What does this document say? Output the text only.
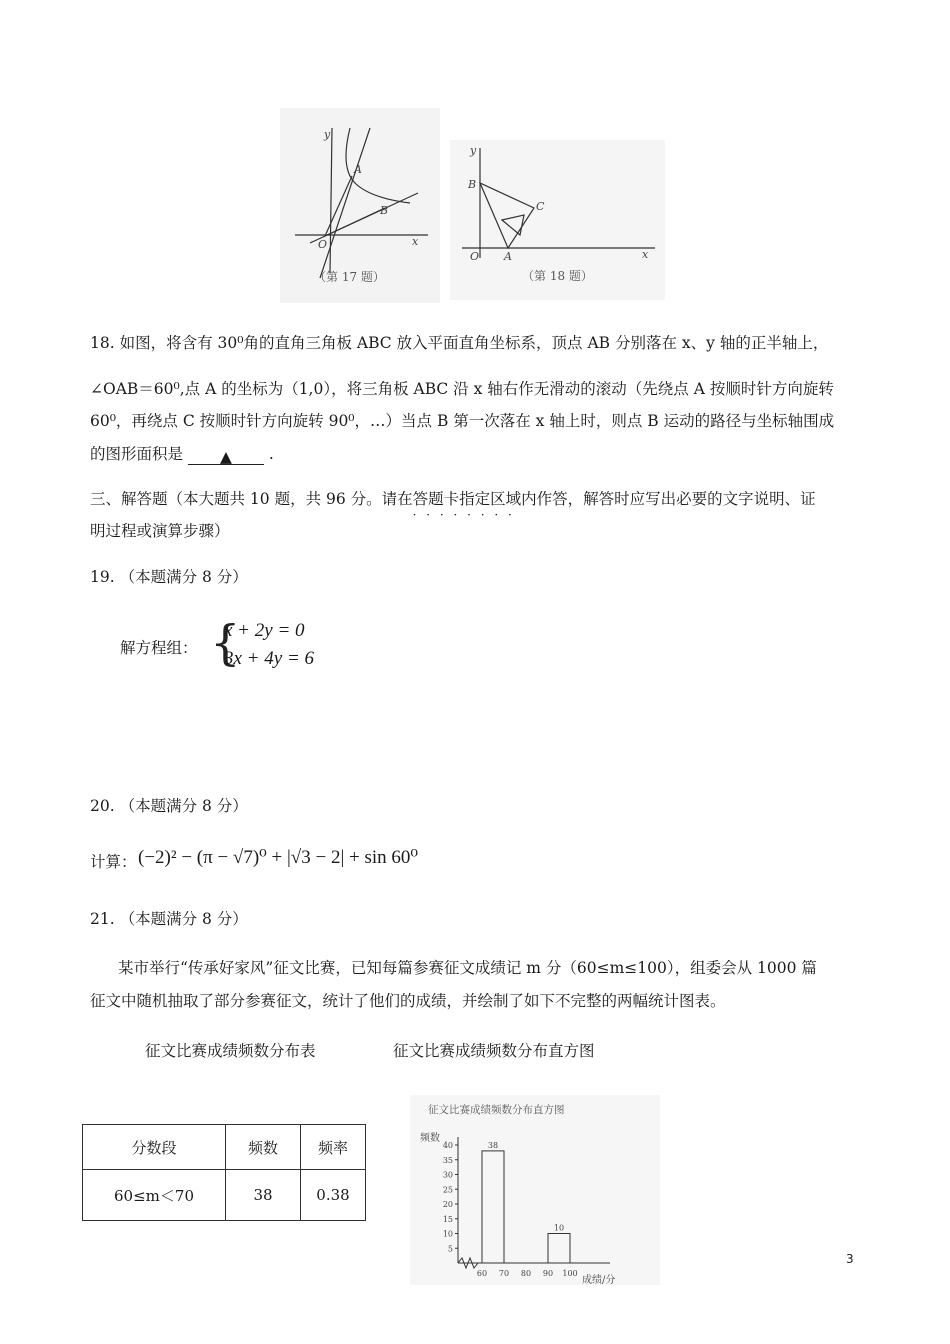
y
x
O
A
B
（第 17 题）
y
x
O A
B
C
（第 18 题）
18. 如图，将含有 30⁰角的直角三角板 ABC 放入平面直角坐标系，顶点 AB 分别落在 x、y 轴的正半轴上，
∠OAB＝60⁰,点 A 的坐标为（1,0），将三角板 ABC 沿 x 轴右作无滑动的滚动（先绕点 A 按顺时针方向旋转
60⁰，再绕点 C 按顺时针方向旋转 90⁰，…）当点 B 第一次落在 x 轴上时，则点 B 运动的路径与坐标轴围成
的图形面积是 ▲ .
三、解答题（本大题共 10 题，共 96 分。请在答题卡指定区域内 · · ·作答，解答时应写出必要的文字说明、证
明过程或演算步骤）
19. （本题满分 8 分）
解方程组： {
x + 2y = 0
3x + 4y = 6
20. （本题满分 8 分）
计算： (−2)² − (π − √7)⁰ + |√3 − 2| + sin 60⁰
21. （本题满分 8 分）
某市举行“传承好家风”征文比赛，已知每篇参赛征文成绩记 m 分（60≤m≤100），组委会从 1000 篇
征文中随机抽取了部分参赛征文，统计了他们的成绩，并绘制了如下不完整的两幅统计图表。
征文比赛成绩频数分布表	征文比赛成绩频数分布直方图
分数段	频数	频率
60≤m＜70	38	0.38
征文比赛成绩频数分布直方图
频数
成绩/分
5
10
15
20
25
30
35
40
60 70 80 90 100
38
10
3
